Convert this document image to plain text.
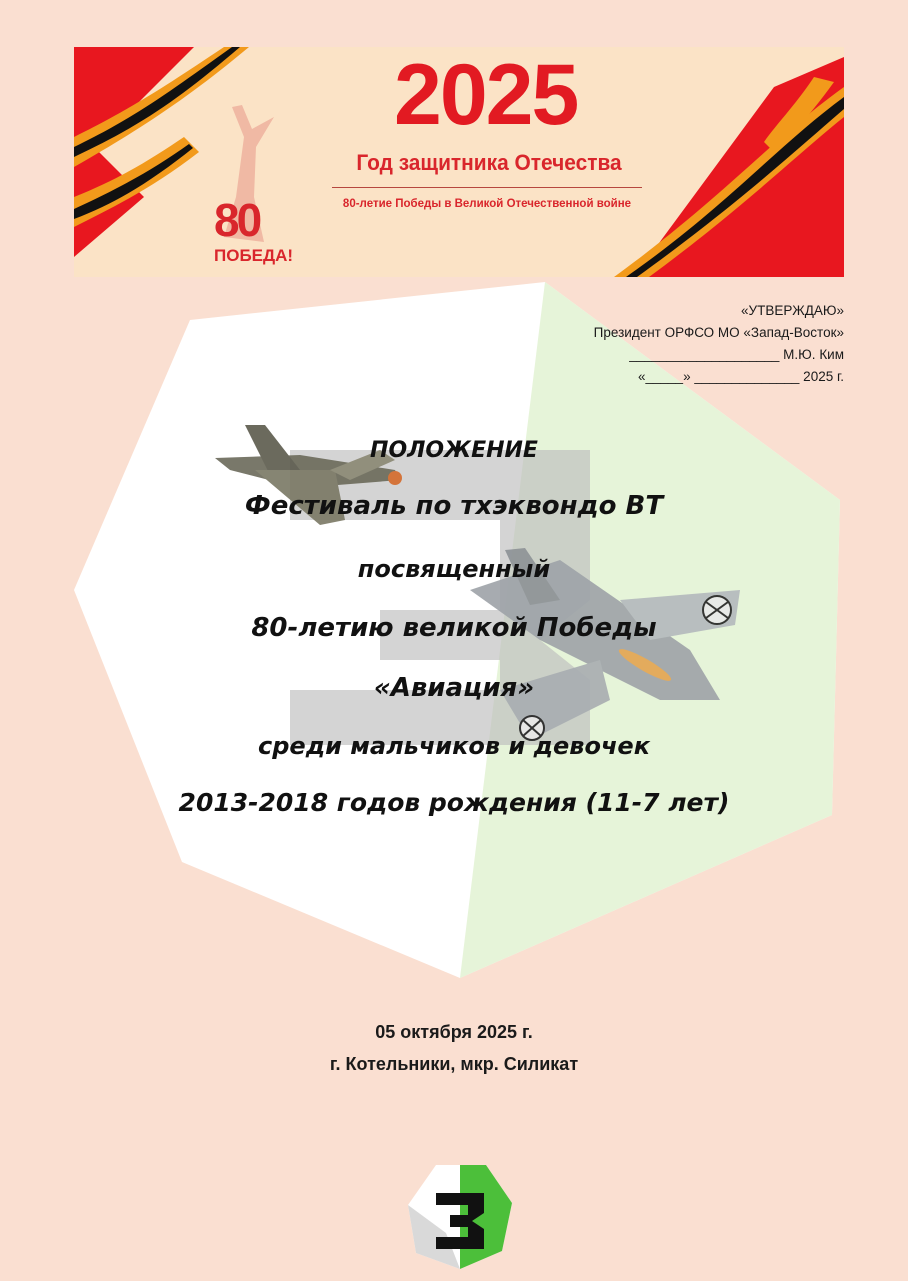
2025
Год защитника Отечества
80-летие Победы в Великой Отечественной войне
80
ПОБЕДА!
«УТВЕРЖДАЮ»
Президент ОРФСО МО «Запад-Восток»
____________________ М.Ю. Ким
«_____» ______________ 2025 г.
ПОЛОЖЕНИЕ
Фестиваль по тхэквондо ВТ
посвященный
80-летию великой Победы
«Авиация»
среди мальчиков и девочек
2013-2018 годов рождения (11-7 лет)
05 октября 2025 г.
г. Котельники, мкр. Силикат
